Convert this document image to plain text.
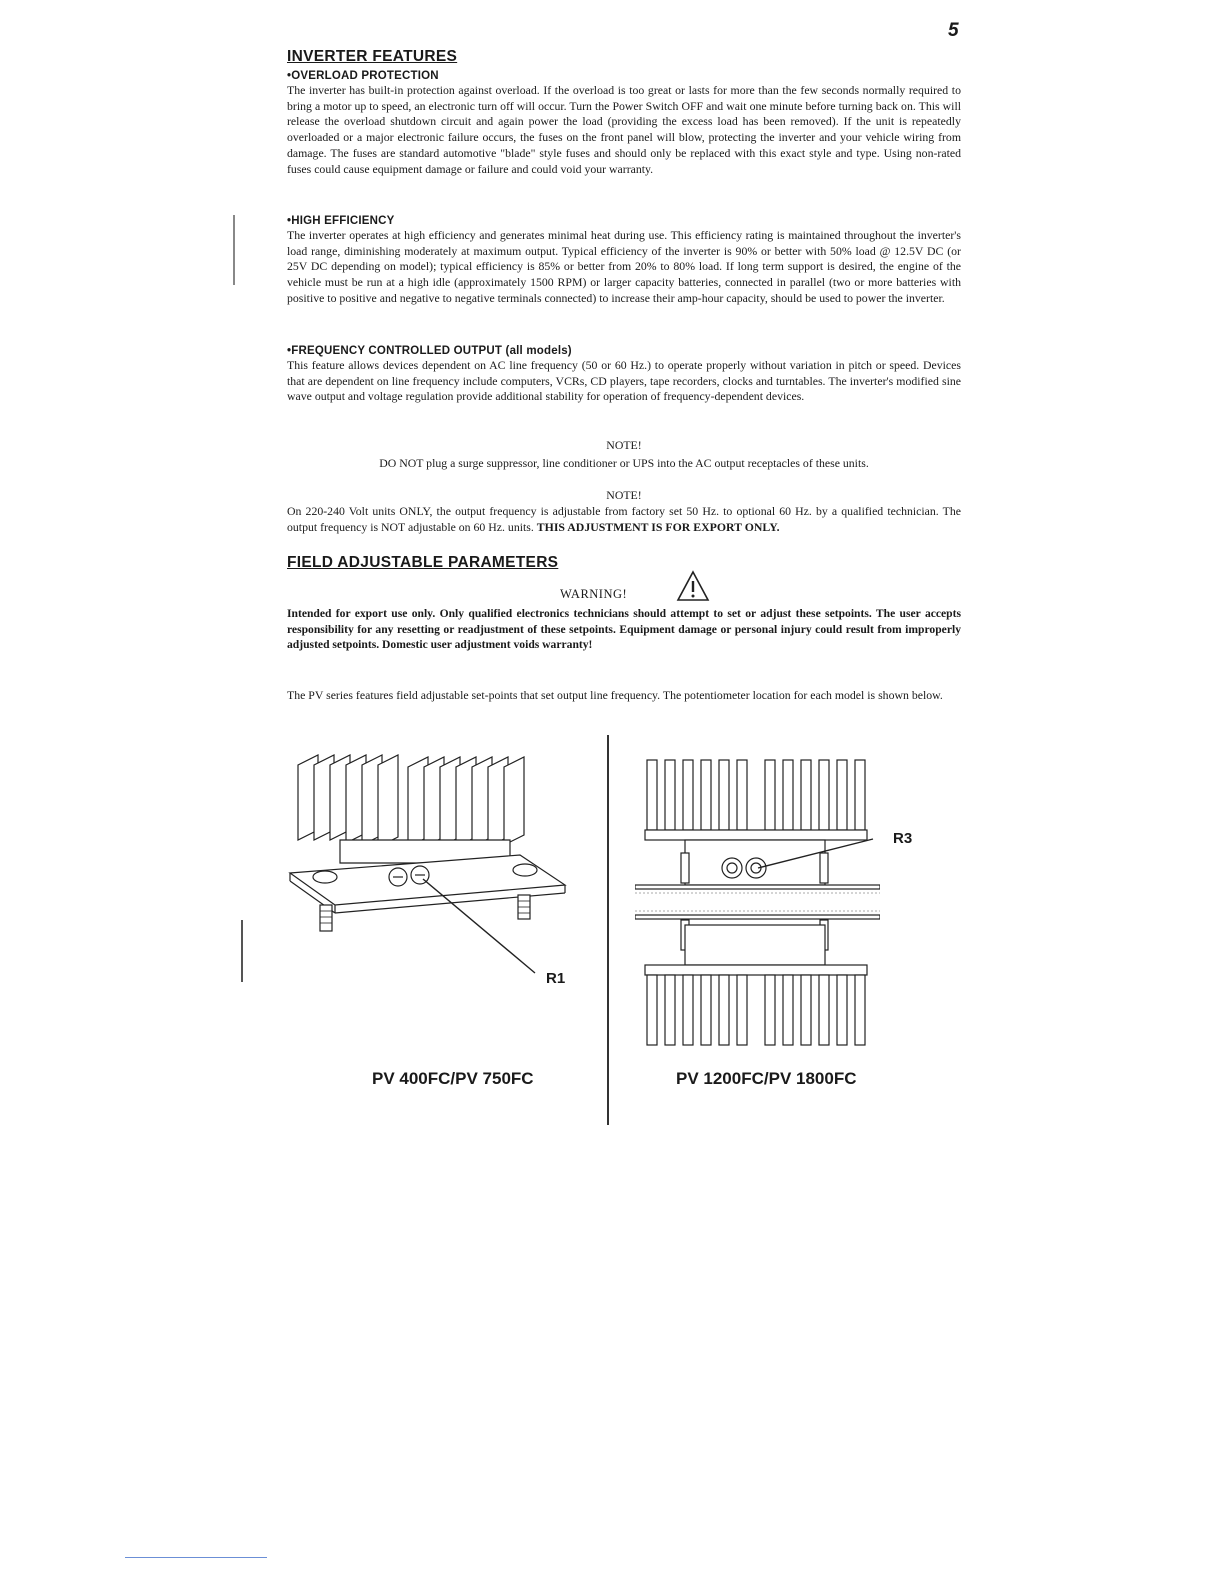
5
INVERTER FEATURES
•OVERLOAD PROTECTION
The inverter has built-in protection against overload. If the overload is too great or lasts for more than the few seconds normally required to bring a motor up to speed, an electronic turn off will occur. Turn the Power Switch OFF and wait one minute before turning back on. This will release the overload shutdown circuit and again power the load (providing the excess load has been removed). If the unit is repeatedly overloaded or a major electronic failure occurs, the fuses on the front panel will blow, protecting the inverter and your vehicle wiring from damage. The fuses are standard automotive "blade" style fuses and should only be replaced with this exact style and type. Using non-rated fuses could cause equipment damage or failure and could void your warranty.
•HIGH EFFICIENCY
The inverter operates at high efficiency and generates minimal heat during use. This efficiency rating is maintained throughout the inverter's load range, diminishing moderately at maximum output. Typical efficiency of the inverter is 90% or better with 50% load @ 12.5V DC (or 25V DC depending on model); typical efficiency is 85% or better from 20% to 80% load. If long term support is desired, the engine of the vehicle must be run at a high idle (approximately 1500 RPM) or larger capacity batteries, connected in parallel (two or more batteries with positive to positive and negative to negative terminals connected) to increase their amp-hour capacity, should be used to power the inverter.
•FREQUENCY CONTROLLED OUTPUT (all models)
This feature allows devices dependent on AC line frequency (50 or 60 Hz.) to operate properly without variation in pitch or speed. Devices that are dependent on line frequency include computers, VCRs, CD players, tape recorders, clocks and turntables. The inverter's modified sine wave output and voltage regulation provide additional stability for operation of frequency-dependent devices.
NOTE!
DO NOT plug a surge suppressor, line conditioner or UPS into the AC output receptacles of these units.
NOTE!
On 220-240 Volt units ONLY, the output frequency is adjustable from factory set 50 Hz. to optional 60 Hz. by a qualified technician. The output frequency is NOT adjustable on 60 Hz. units. THIS ADJUSTMENT IS FOR EXPORT ONLY.
FIELD ADJUSTABLE PARAMETERS
WARNING!
Intended for export use only. Only qualified electronics technicians should attempt to set or adjust these setpoints. The user accepts responsibility for any resetting or readjustment of these setpoints. Equipment damage or personal injury could result from improperly adjusted setpoints. Domestic user adjustment voids warranty!
The PV series features field adjustable set-points that set output line frequency. The potentiometer location for each model is shown below.
R1
PV 400FC/PV 750FC
R3
PV 1200FC/PV 1800FC
